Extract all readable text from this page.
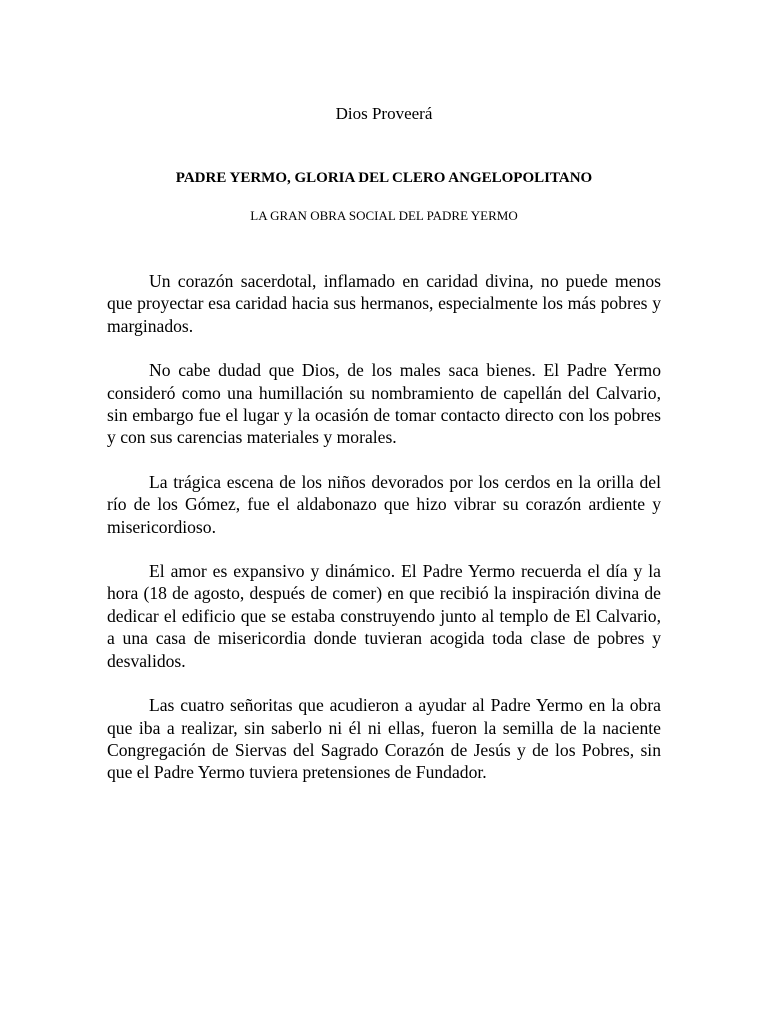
Dios Proveerá
PADRE YERMO, GLORIA DEL CLERO ANGELOPOLITANO
LA GRAN OBRA SOCIAL DEL PADRE YERMO

Un corazón sacerdotal, inflamado en caridad divina, no puede menos que proyectar esa caridad hacia sus hermanos, especialmente los más pobres y marginados.

No cabe dudad que Dios, de los males saca bienes. El Padre Yermo consideró como una humillación su nombramiento de capellán del Calvario, sin embargo fue el lugar y la ocasión de tomar contacto directo con los pobres y con sus carencias materiales y morales.

La trágica escena de los niños devorados por los cerdos en la orilla del río de los Gómez, fue el aldabonazo que hizo vibrar su corazón ardiente y misericordioso.

El amor es expansivo y dinámico. El Padre Yermo recuerda el día y la hora (18 de agosto, después de comer) en que recibió la inspiración divina de dedicar el edificio que se estaba construyendo junto al templo de El Calvario, a una casa de misericordia donde tuvieran acogida toda clase de pobres y desvalidos.

Las cuatro señoritas que acudieron a ayudar al Padre Yermo en la obra que iba a realizar, sin saberlo ni él ni ellas, fueron la semilla de la naciente Congregación de Siervas del Sagrado Corazón de Jesús y de los Pobres, sin que el Padre Yermo tuviera pretensiones de Fundador.
